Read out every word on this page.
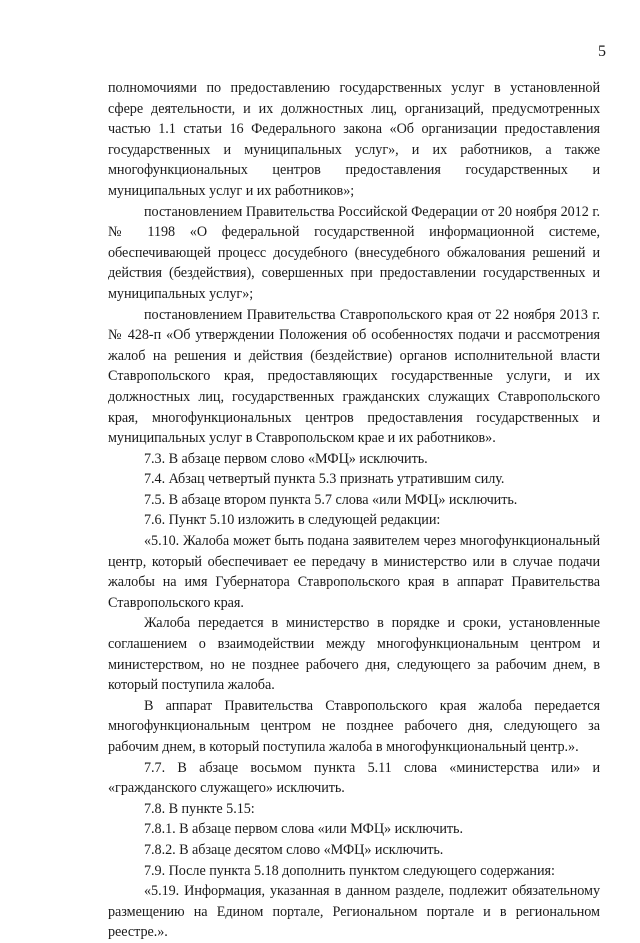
5

полномочиями по предоставлению государственных услуг в установленной сфере деятельности, и их должностных лиц, организаций, предусмотренных частью 1.1 статьи 16 Федерального закона «Об организации предоставления государственных и муниципальных услуг», и их работников, а также многофункциональных центров предоставления государственных и муниципальных услуг и их работников»;

постановлением Правительства Российской Федерации от 20 ноября 2012 г. № 1198 «О федеральной государственной информационной системе, обеспечивающей процесс досудебного (внесудебного обжалования решений и действия (бездействия), совершенных при предоставлении государственных и муниципальных услуг»;

постановлением Правительства Ставропольского края от 22 ноября 2013 г. № 428-п «Об утверждении Положения об особенностях подачи и рассмотрения жалоб на решения и действия (бездействие) органов исполнительной власти Ставропольского края, предоставляющих государственные услуги, и их должностных лиц, государственных гражданских служащих Ставропольского края, многофункциональных центров предоставления государственных и муниципальных услуг в Ставропольском крае и их работников».

7.3. В абзаце первом слово «МФЦ» исключить.

7.4. Абзац четвертый пункта 5.3 признать утратившим силу.

7.5. В абзаце втором пункта 5.7 слова «или МФЦ» исключить.

7.6. Пункт 5.10 изложить в следующей редакции:

«5.10. Жалоба может быть подана заявителем через многофункциональный центр, который обеспечивает ее передачу в министерство или в случае подачи жалобы на имя Губернатора Ставропольского края в аппарат Правительства Ставропольского края.

Жалоба передается в министерство в порядке и сроки, установленные соглашением о взаимодействии между многофункциональным центром и министерством, но не позднее рабочего дня, следующего за рабочим днем, в который поступила жалоба.

В аппарат Правительства Ставропольского края жалоба передается многофункциональным центром не позднее рабочего дня, следующего за рабочим днем, в который поступила жалоба в многофункциональный центр.».

7.7. В абзаце восьмом пункта 5.11 слова «министерства или» и «гражданского служащего» исключить.

7.8. В пункте 5.15:

7.8.1. В абзаце первом слова «или МФЦ» исключить.

7.8.2. В абзаце десятом слово «МФЦ» исключить.

7.9. После пункта 5.18 дополнить пунктом следующего содержания:

«5.19. Информация, указанная в данном разделе, подлежит обязательному размещению на Едином портале, Региональном портале и в региональном реестре.».
